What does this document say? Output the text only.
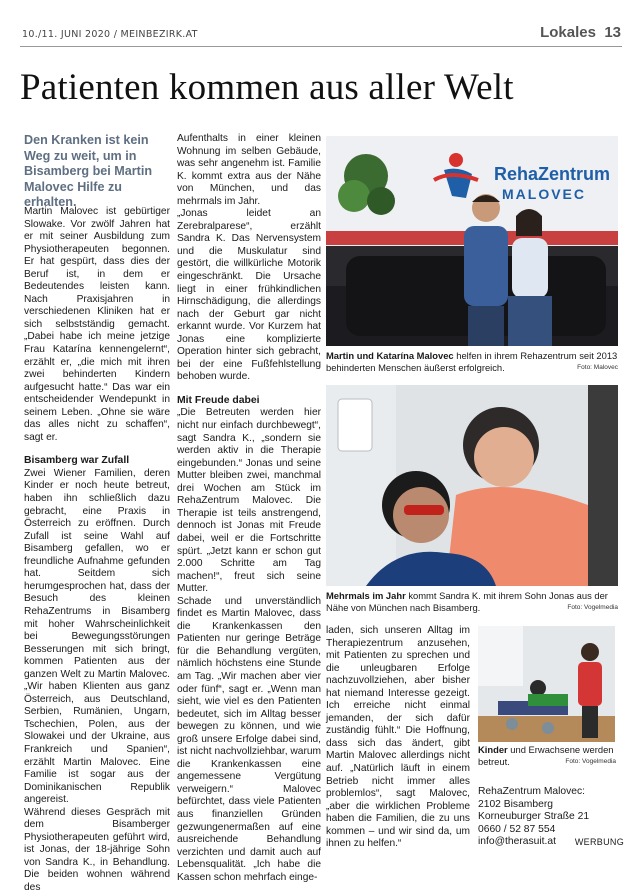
10./11. JUNI 2020 / MEINBEZIRK.AT	Lokales 13
Patienten kommen aus aller Welt
Den Kranken ist kein Weg zu weit, um in Bisamberg bei Martin Malovec Hilfe zu erhalten.

Martin Malovec ist gebürtiger Slowake. Vor zwölf Jahren hat er mit seiner Ausbildung zum Physiotherapeuten begonnen. Er hat gespürt, dass dies der Beruf ist, in dem er Bedeutendes leisten kann. Nach Praxisjahren in verschiedenen Kliniken hat er sich selbstständig gemacht. „Dabei habe ich meine jetzige Frau Katarína kennengelernt“, erzählt er, „die mich mit ihren zwei behinderten Kindern aufgesucht hatte.“ Das war ein entscheidender Wendepunkt in seinem Leben. „Ohne sie wäre das alles nicht zu schaffen“, sagt er.

Bisamberg war Zufall

Zwei Wiener Familien, deren Kinder er noch heute betreut, haben ihn schließlich dazu gebracht, eine Praxis in Österreich zu eröffnen. Durch Zufall ist seine Wahl auf Bisamberg gefallen, wo er freundliche Aufnahme gefunden hat. Seitdem sich herumgesprochen hat, dass der Besuch des kleinen RehaZentrums in Bisamberg mit hoher Wahrscheinlichkeit bei Bewegungsstörungen Besserungen mit sich bringt, kommen Patienten aus der ganzen Welt zu Martin Malovec. „Wir haben Klienten aus ganz Österreich, aus Deutschland, Serbien, Rumänien, Ungarn, Tschechien, Polen, aus der Slowakei und der Ukraine, aus Frankreich und Spanien“, erzählt Martin Malovec. Eine Familie ist sogar aus der Dominikanischen Republik angereist.

Während dieses Gespräch mit dem Bisamberger Physiotherapeuten geführt wird, ist Jonas, der 18-jährige Sohn von Sandra K., in Behandlung. Die beiden wohnen während des

Aufenthalts in einer kleinen Wohnung im selben Gebäude, was sehr angenehm ist. Familie K. kommt extra aus der Nähe von München, und das mehrmals im Jahr.

„Jonas leidet an Zerebralparese“, erzählt Sandra K. Das Nervensystem und die Muskulatur sind gestört, die willkürliche Motorik eingeschränkt. Die Ursache liegt in einer frühkindlichen Hirnschädigung, die allerdings nach der Geburt gar nicht erkannt wurde. Vor Kurzem hat Jonas eine komplizierte Operation hinter sich gebracht, bei der eine Fußfehlstellung behoben wurde.

Mit Freude dabei

„Die Betreuten werden hier nicht nur einfach durchbewegt“, sagt Sandra K., „sondern sie werden aktiv in die Therapie eingebunden.“ Jonas und seine Mutter bleiben zwei, manchmal drei Wochen am Stück im RehaZentrum Malovec. Die Therapie ist teils anstrengend, dennoch ist Jonas mit Freude dabei, weil er die Fortschritte spürt. „Jetzt kann er schon gut 2.000 Schritte am Tag machen!“, freut sich seine Mutter.

Schade und unverständlich findet es Martin Malovec, dass die Krankenkassen den Patienten nur geringe Beträge für die Behandlung vergüten, nämlich höchstens eine Stunde am Tag. „Wir machen aber vier oder fünf“, sagt er. „Wenn man sieht, wie viel es den Patienten bedeutet, sich im Alltag besser bewegen zu können, und wie groß unsere Erfolge dabei sind, ist nicht nachvollziehbar, warum die Krankenkassen eine angemessene Vergütung verweigern.“ Malovec befürchtet, dass viele Patienten aus finanziellen Gründen gezwungenermaßen auf eine ausreichende Behandlung verzichten und damit auch auf Lebensqualität. „Ich habe die Kassen schon mehrfach einge-

RehaZentrum
MALOVEC
Martin und Katarína Malovec helfen in ihrem Rehazentrum seit 2013 behinderten Menschen äußerst erfolgreich.	Foto: Malovec
Mehrmals im Jahr kommt Sandra K. mit ihrem Sohn Jonas aus der Nähe von München nach Bisamberg.	Foto: Vogelmedia

laden, sich unseren Alltag im Therapiezentrum anzusehen, mit Patienten zu sprechen und die unleugbaren Erfolge nachzuvollziehen, aber bisher hat niemand Interesse gezeigt. Ich erreiche nicht einmal jemanden, der sich dafür zuständig fühlt.“ Die Hoffnung, dass sich das ändert, gibt Martin Malovec allerdings nicht auf. „Natürlich läuft in einem Betrieb nicht immer alles problemlos“, sagt Malovec, „aber die wirklichen Probleme haben die Familien, die zu uns kommen – und wir sind da, um ihnen zu helfen.“

Kinder und Erwachsene werden betreut.	Foto: Vogelmedia
RehaZentrum Malovec:
2102 Bisamberg
Korneuburger Straße 21
0660 / 52 87 554
info@therasuit.at WERBUNG
